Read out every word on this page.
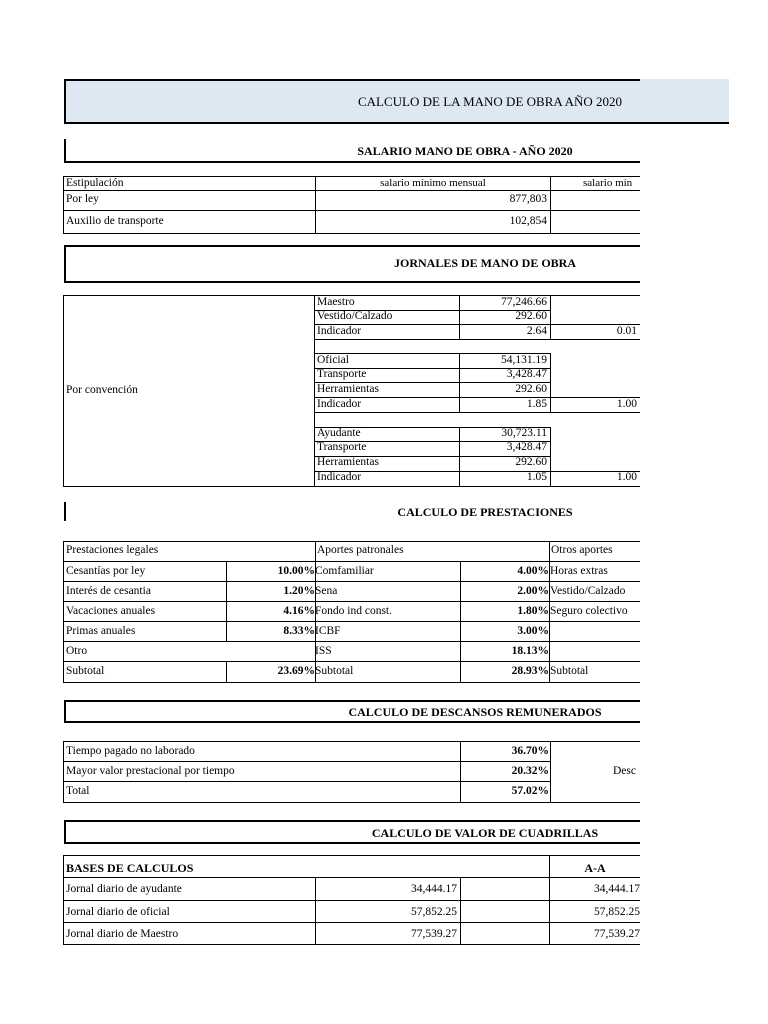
CALCULO DE LA MANO DE OBRA AÑO 2020
SALARIO MANO DE OBRA - AÑO 2020
Estipulación	salario mínimo mensual	salario mín
Por ley	877,803
Auxilio de transporte	102,854
JORNALES DE MANO DE OBRA
Por convención
Maestro	77,246.66
Vestido/Calzado	292.60
Indicador	2.64	0.01
Oficial	54,131.19
Transporte	3,428.47
Herramientas	292.60
Indicador	1.85	1.00
Ayudante	30,723.11
Transporte	3,428.47
Herramientas	292.60
Indicador	1.05	1.00
CALCULO DE PRESTACIONES
Prestaciones legales	Aportes patronales	Otros aportes
Cesantías por ley	10.00% Comfamiliar	4.00% Horas extras
Interés de cesantia	1.20% Sena	2.00% Vestido/Calzado
Vacaciones anuales	4.16% Fondo ind const.	1.80% Seguro colectivo
Primas anuales	8.33% ICBF	3.00%
Otro	ISS	18.13%
Subtotal	23.69% Subtotal	28.93% Subtotal
CALCULO DE DESCANSOS REMUNERADOS
Tiempo pagado no laborado	36.70%
Mayor valor prestacional por tiempo	20.32%
Total	57.02%
Desc
CALCULO DE VALOR DE CUADRILLAS
BASES DE CALCULOS	A-A
Jornal diario de ayudante	34,444.17	34,444.17
Jornal diario de oficial	57,852.25	57,852.25
Jornal diario de Maestro	77,539.27	77,539.27
